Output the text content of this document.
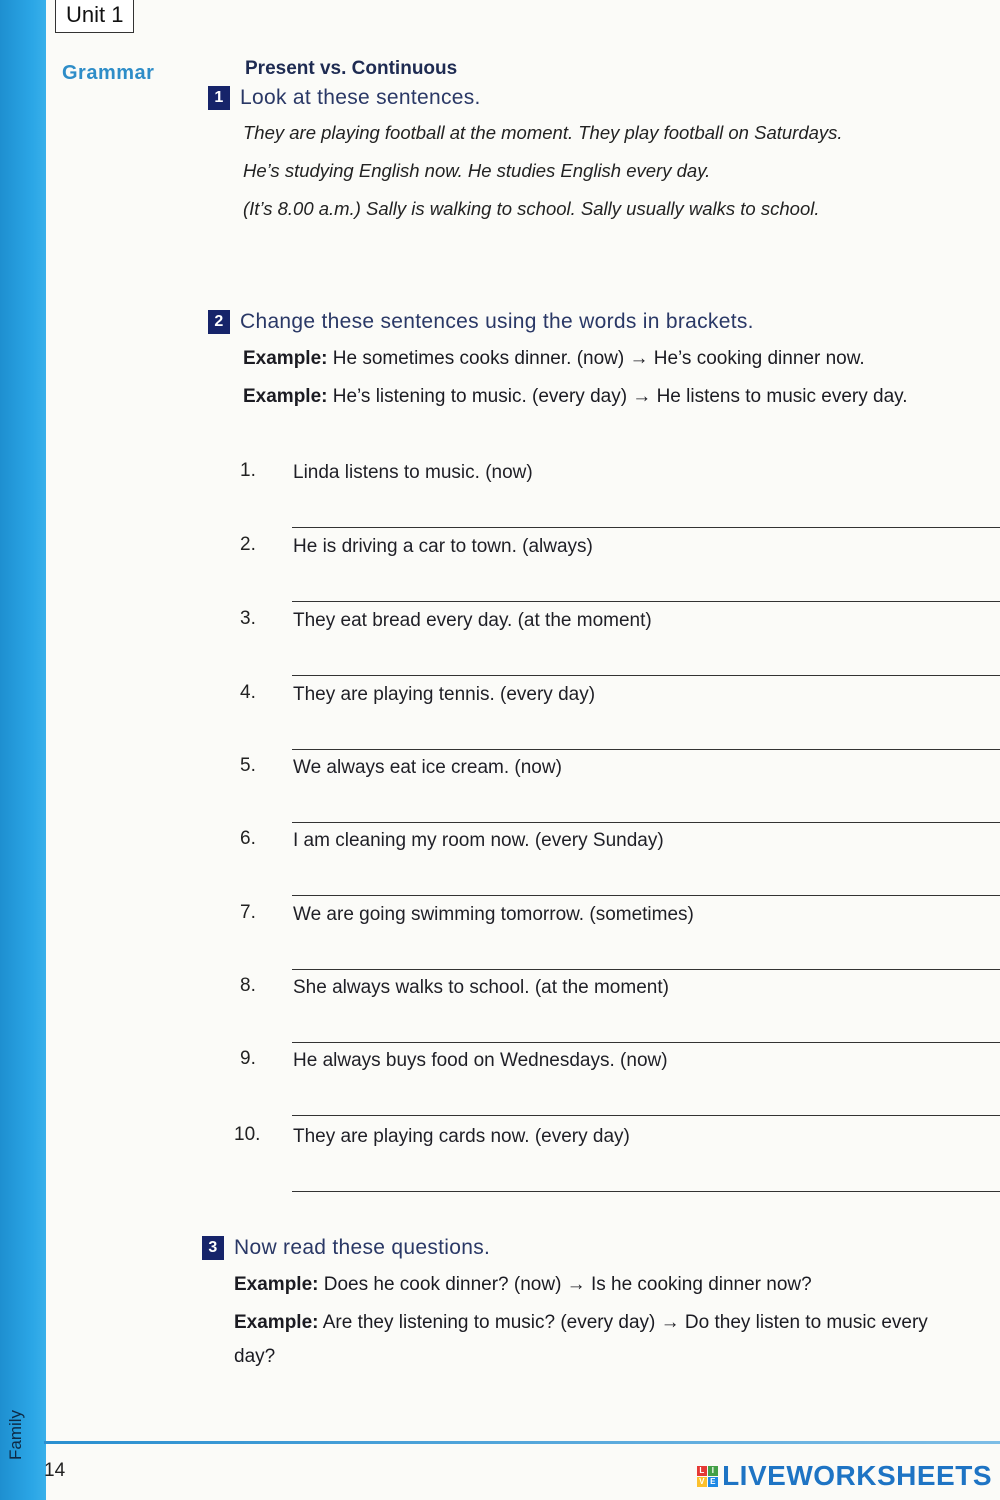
Family
14
Unit 1
Grammar	Present vs. Continuous
1 Look at these sentences.
They are playing football at the moment. They play football on Saturdays.
He’s studying English now. He studies English every day.
(It’s 8.00 a.m.) Sally is walking to school. Sally usually walks to school.
2 Change these sentences using the words in brackets.
Example: He sometimes cooks dinner. (now) → He’s cooking dinner now.
Example: He’s listening to music. (every day) → He listens to music every day.
1. Linda listens to music. (now)
2. He is driving a car to town. (always)
3. They eat bread every day. (at the moment)
4. They are playing tennis. (every day)
5. We always eat ice cream. (now)
6. I am cleaning my room now. (every Sunday)
7. We are going swimming tomorrow. (sometimes)
8. She always walks to school. (at the moment)
9. He always buys food on Wednesdays. (now)
10. They are playing cards now. (every day)
3 Now read these questions.
Example: Does he cook dinner? (now) → Is he cooking dinner now?
Example: Are they listening to music? (every day) → Do they listen to music every
day?
L I
V E LIVEWORKSHEETS
